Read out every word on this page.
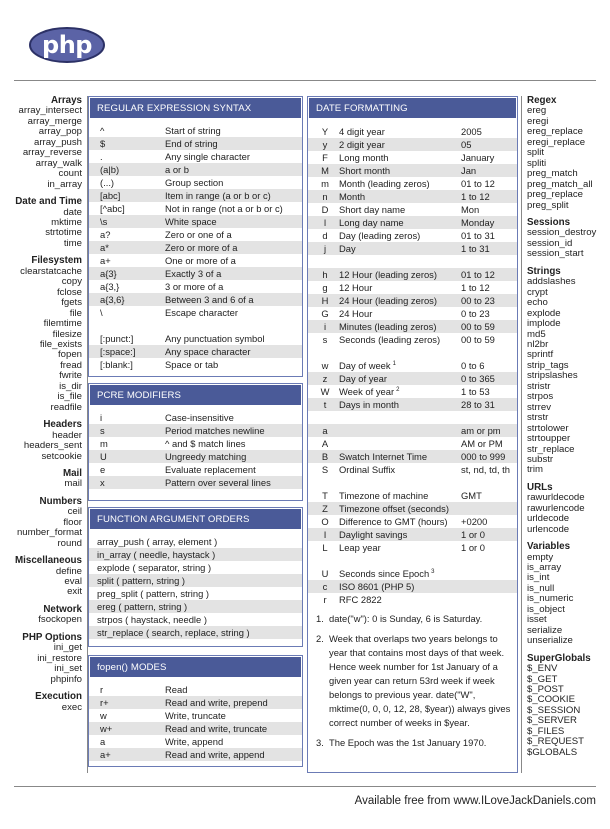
php
Arrays
array_intersect
array_merge
array_pop
array_push
array_reverse
array_walk
count
in_array
Date and Time
date
mktime
strtotime
time
Filesystem
clearstatcache
copy
fclose
fgets
file
filemtime
filesize
file_exists
fopen
fread
fwrite
is_dir
is_file
readfile
Headers
header
headers_sent
setcookie
Mail
mail
Numbers
ceil
floor
number_format
round
Miscellaneous
define
eval
exit
Network
fsockopen
PHP Options
ini_get
ini_restore
ini_set
phpinfo
Execution
exec
Regex
ereg
eregi
ereg_replace
eregi_replace
split
spliti
preg_match
preg_match_all
preg_replace
preg_split
Sessions
session_destroy
session_id
session_start
Strings
addslashes
crypt
echo
explode
implode
md5
nl2br
sprintf
strip_tags
stripslashes
stristr
strpos
strrev
strstr
strtolower
strtoupper
str_replace
substr
trim
URLs
rawurldecode
rawurlencode
urldecode
urlencode
Variables
empty
is_array
is_int
is_null
is_numeric
is_object
isset
serialize
unserialize
SuperGlobals
$_ENV
$_GET
$_POST
$_COOKIE
$_SESSION
$_SERVER
$_FILES
$_REQUEST
$GLOBALS
REGULAR EXPRESSION SYNTAX
^	Start of string
$	End of string
.	Any single character
(a|b)	a or b
(...)	Group section
[abc]	Item in range (a or b or c)
[^abc]	Not in range (not a or b or c)
\s	White space
a?	Zero or one of a
a*	Zero or more of a
a+	One or more of a
a{3}	Exactly 3 of a
a{3,}	3 or more of a
a{3,6}	Between 3 and 6 of a
\	Escape character
[:punct:]	Any punctuation symbol
[:space:]	Any space character
[:blank:]	Space or tab
PCRE MODIFIERS
i	Case-insensitive
s	Period matches newline
m	^ and $ match lines
U	Ungreedy matching
e	Evaluate replacement
x	Pattern over several lines
FUNCTION ARGUMENT ORDERS
array_push ( array, element )
in_array ( needle, haystack )
explode ( separator, string )
split ( pattern, string )
preg_split ( pattern, string )
ereg ( pattern, string )
strpos ( haystack, needle )
str_replace ( search, replace, string )
fopen() MODES
r	Read
r+	Read and write, prepend
w	Write, truncate
w+	Read and write, truncate
a	Write, append
a+	Read and write, append
DATE FORMATTING
Y	4 digit year	2005
y	2 digit year	05
F	Long month	January
M	Short month	Jan
m	Month (leading zeros)	01 to 12
n	Month	1 to 12
D	Short day name	Mon
l	Long day name	Monday
d	Day (leading zeros)	01 to 31
j	Day	1 to 31
h	12 Hour (leading zeros)	01 to 12
g	12 Hour	1 to 12
H	24 Hour (leading zeros)	00 to 23
G	24 Hour	0 to 23
i	Minutes (leading zeros)	00 to 59
s	Seconds (leading zeros) 00 to 59
w	Day of week $^1$	0 to 6
z	Day of year	0 to 365
W Week of year $^2$	1 to 53
t	Days in month	28 to 31
a	am or pm
A	AM or PM
B	Swatch Internet Time	000 to 999
S	Ordinal Suffix	st, nd, td, th
T	Timezone of machine	GMT
Z	Timezone offset (seconds)
O	Difference to GMT (hours) +0200
I	Daylight savings	1 or 0
L	Leap year	1 or 0
U	Seconds since Epoch $^3$
c	ISO 8601 (PHP 5)
r	RFC 2822
1. date("w"): 0 is Sunday, 6 is Saturday.
2. Week that overlaps two years belongs to year that contains most days of that week. Hence week number for 1st January of a given year can return 53rd week if week belongs to previous year. date("W", mktime(0, 0, 0, 12, 28, $year)) always gives correct number of weeks in $year.
3. The Epoch was the 1st January 1970.
Available free from www.ILoveJackDaniels.com
